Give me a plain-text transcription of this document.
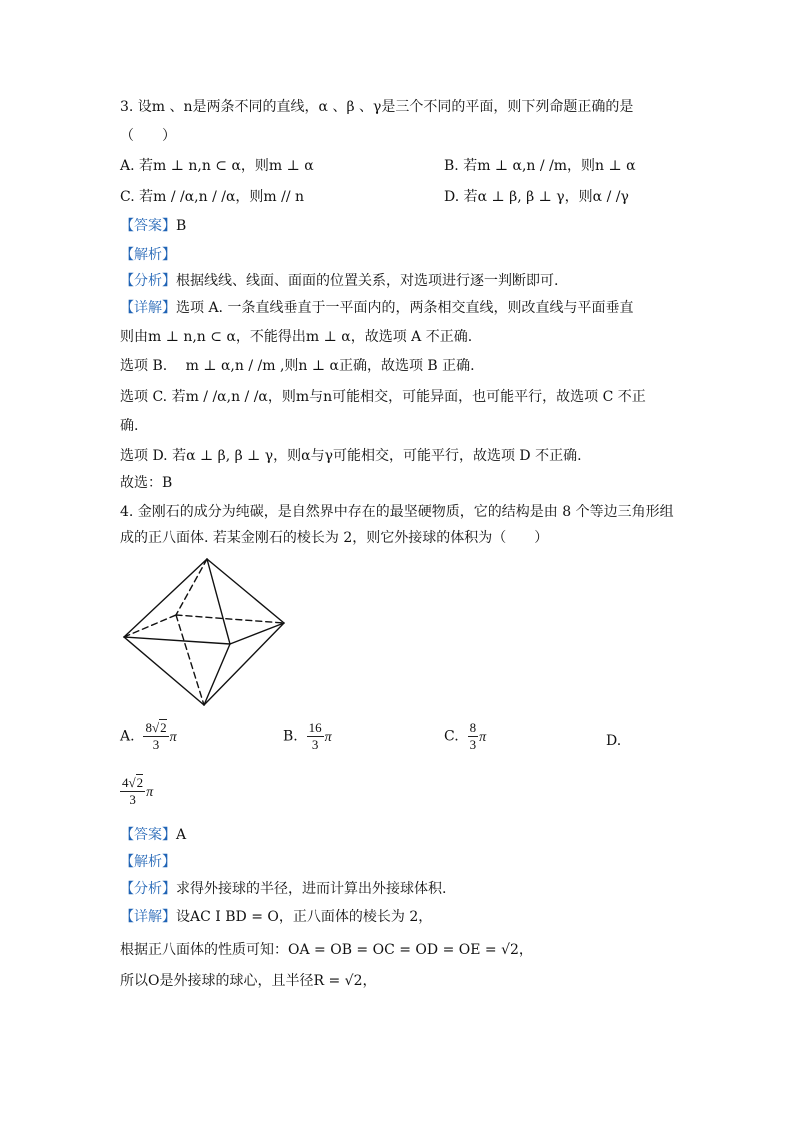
3. 设m 、n是两条不同的直线，α 、β 、γ是三个不同的平面，则下列命题正确的是
（　　）
A. 若m ⊥ n,n ⊂ α，则m ⊥ α	B. 若m ⊥ α,n / /m，则n ⊥ α
C. 若m / /α,n / /α，则m // n	D. 若α ⊥ β, β ⊥ γ，则α / /γ
【答案】B
【解析】
【分析】根据线线、线面、面面的位置关系，对选项进行逐一判断即可.
【详解】选项 A. 一条直线垂直于一平面内的，两条相交直线，则改直线与平面垂直
则由m ⊥ n,n ⊂ α，不能得出m ⊥ α，故选项 A 不正确.
选项 B.　 m ⊥ α,n / /m ,则n ⊥ α正确，故选项 B 正确.
选项 C. 若m / /α,n / /α，则m与n可能相交，可能异面，也可能平行，故选项 C 不正
确.
选项 D. 若α ⊥ β, β ⊥ γ，则α与γ可能相交，可能平行，故选项 D 不正确.
故选：B
4. 金刚石的成分为纯碳，是自然界中存在的最坚硬物质，它的结构是由 8 个等边三角形组
成的正八面体. 若某金刚石的棱长为 2，则它外接球的体积为（　　）
A. $\frac{8√2}{3}$ π	B. $\frac{16}{3}$ π	C. $\frac{8}{3}$ π	D.
$\frac{4√2}{3}$ π
【答案】A
【解析】
【分析】求得外接球的半径，进而计算出外接球体积.
【详解】设AC I BD = O，正八面体的棱长为 2，
根据正八面体的性质可知：OA = OB = OC = OD = OE = √2，
所以O是外接球的球心，且半径R = √2，
